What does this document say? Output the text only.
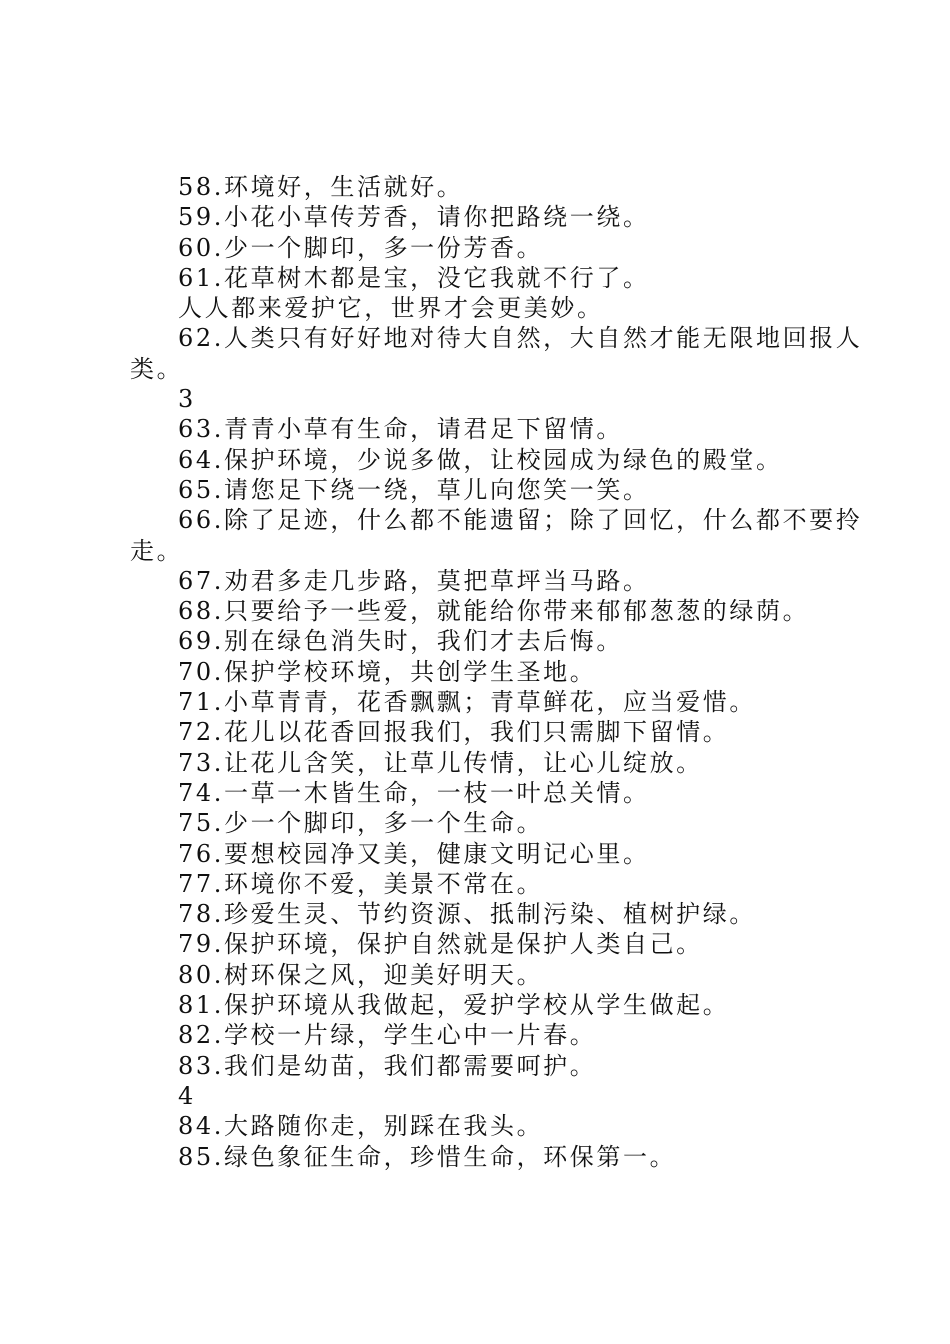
58.环境好，生活就好。
59.小花小草传芳香，请你把路绕一绕。
60.少一个脚印，多一份芳香。
61.花草树木都是宝，没它我就不行了。
人人都来爱护它，世界才会更美妙。
62.人类只有好好地对待大自然，大自然才能无限地回报人
类。
3
63.青青小草有生命，请君足下留情。
64.保护环境，少说多做，让校园成为绿色的殿堂。
65.请您足下绕一绕，草儿向您笑一笑。
66.除了足迹，什么都不能遗留；除了回忆，什么都不要拎
走。
67.劝君多走几步路，莫把草坪当马路。
68.只要给予一些爱，就能给你带来郁郁葱葱的绿荫。
69.别在绿色消失时，我们才去后悔。
70.保护学校环境，共创学生圣地。
71.小草青青，花香飘飘；青草鲜花，应当爱惜。
72.花儿以花香回报我们，我们只需脚下留情。
73.让花儿含笑，让草儿传情，让心儿绽放。
74.一草一木皆生命，一枝一叶总关情。
75.少一个脚印，多一个生命。
76.要想校园净又美，健康文明记心里。
77.环境你不爱，美景不常在。
78.珍爱生灵、节约资源、抵制污染、植树护绿。
79.保护环境，保护自然就是保护人类自己。
80.树环保之风，迎美好明天。
81.保护环境从我做起，爱护学校从学生做起。
82.学校一片绿，学生心中一片春。
83.我们是幼苗，我们都需要呵护。
4
84.大路随你走，别踩在我头。
85.绿色象征生命，珍惜生命，环保第一。
